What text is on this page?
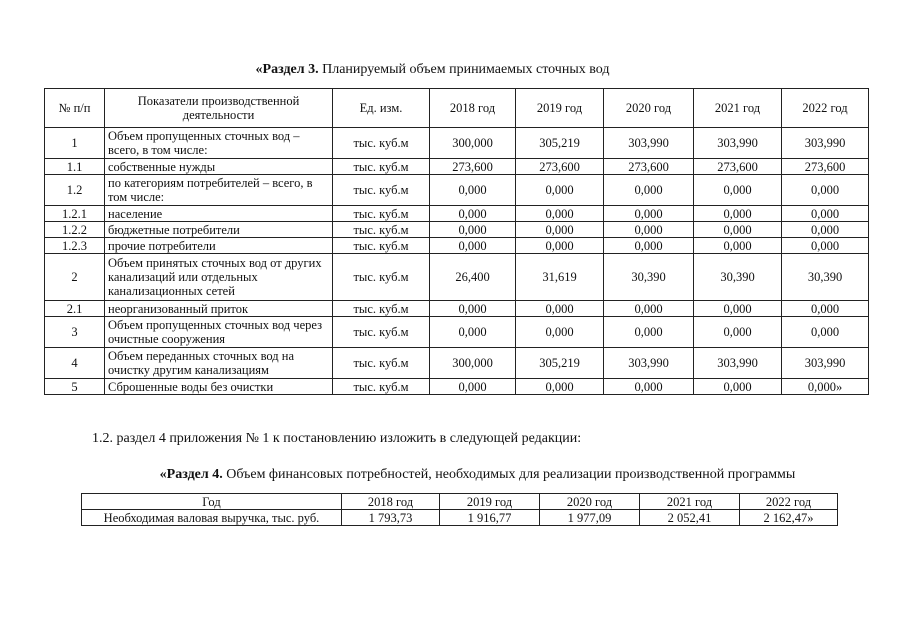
«Раздел 3. Планируемый объем принимаемых сточных вод
№ п/п	Показатели производственной деятельности	Ед. изм.	2018 год	2019 год	2020 год	2021 год	2022 год
1	Объем пропущенных сточных вод – всего, в том числе:	тыс. куб.м	300,000	305,219	303,990	303,990	303,990
1.1	собственные нужды	тыс. куб.м	273,600	273,600	273,600	273,600	273,600
1.2	по категориям потребителей – всего, в том числе:	тыс. куб.м	0,000	0,000	0,000	0,000	0,000
1.2.1	население	тыс. куб.м	0,000	0,000	0,000	0,000	0,000
1.2.2	бюджетные потребители	тыс. куб.м	0,000	0,000	0,000	0,000	0,000
1.2.3	прочие потребители	тыс. куб.м	0,000	0,000	0,000	0,000	0,000
2	Объем принятых сточных вод от других канализаций или отдельных канализационных сетей	тыс. куб.м	26,400	31,619	30,390	30,390	30,390
2.1	неорганизованный приток	тыс. куб.м	0,000	0,000	0,000	0,000	0,000
3	Объем пропущенных сточных вод через очистные сооружения	тыс. куб.м	0,000	0,000	0,000	0,000	0,000
4	Объем переданных сточных вод на очистку другим канализациям	тыс. куб.м	300,000	305,219	303,990	303,990	303,990
5	Сброшенные воды без очистки	тыс. куб.м	0,000	0,000	0,000	0,000	0,000»
1.2. раздел 4 приложения № 1 к постановлению изложить в следующей редакции:
«Раздел 4. Объем финансовых потребностей, необходимых для реализации производственной программы
Год	2018 год	2019 год	2020 год	2021 год	2022 год
Необходимая валовая выручка, тыс. руб.	1 793,73	1 916,77	1 977,09	2 052,41	2 162,47»
